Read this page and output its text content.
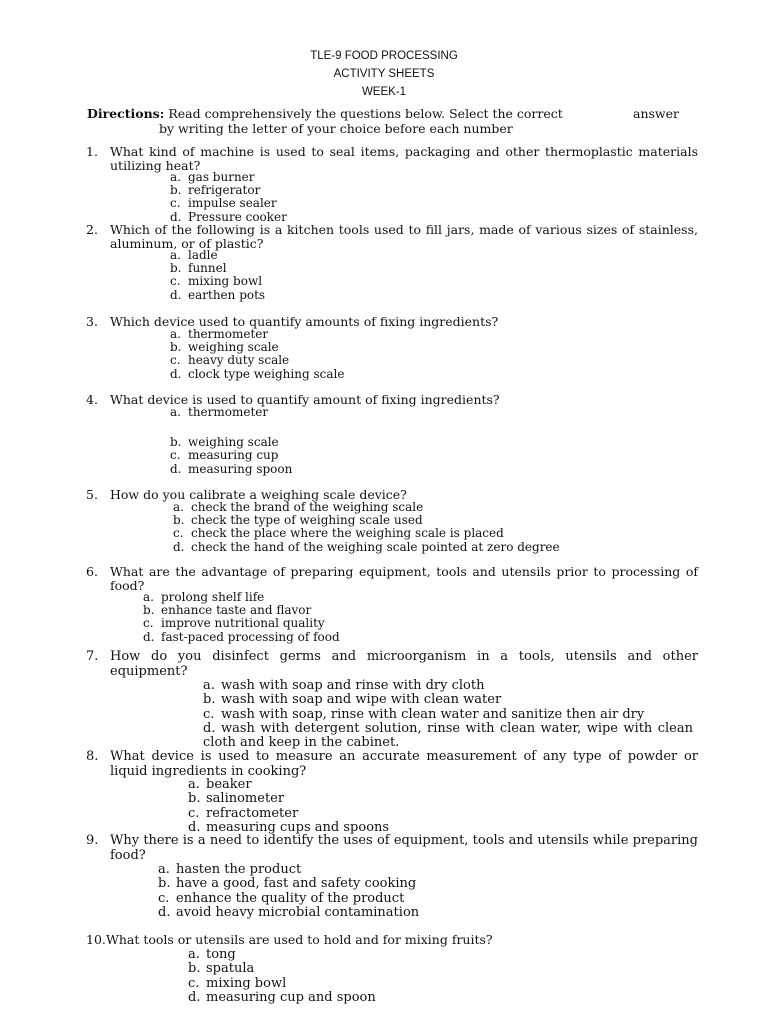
TLE-9 FOOD PROCESSING
ACTIVITY SHEETS
WEEK-1
Directions: Read comprehensively the questions below. Select the correct	answer
by writing the letter of your choice before each number
1. What kind of machine is used to seal items, packaging and other thermoplastic materials utilizing heat?
a. gas burner
b. refrigerator
c. impulse sealer
d. Pressure cooker
2. Which of the following is a kitchen tools used to fill jars, made of various sizes of stainless, aluminum, or of plastic?
a. ladle
b. funnel
c. mixing bowl
d. earthen pots
3. Which device used to quantify amounts of fixing ingredients?
a. thermometer
b. weighing scale
c. heavy duty scale
d. clock type weighing scale
4. What device is used to quantify amount of fixing ingredients?
a. thermometer
b. weighing scale
c. measuring cup
d. measuring spoon
5. How do you calibrate a weighing scale device?
a. check the brand of the weighing scale
b. check the type of weighing scale used
c. check the place where the weighing scale is placed
d. check the hand of the weighing scale pointed at zero degree
6. What are the advantage of preparing equipment, tools and utensils prior to processing of food?
a. prolong shelf life
b. enhance taste and flavor
c. improve nutritional quality
d. fast-paced processing of food
7. How do you disinfect germs and microorganism in a tools, utensils and other equipment?
a. wash with soap and rinse with dry cloth
b. wash with soap and wipe with clean water
c. wash with soap, rinse with clean water and sanitize then air dry
d. wash with detergent solution, rinse with clean water, wipe with clean cloth and keep in the cabinet.
8. What device is used to measure an accurate measurement of any type of powder or liquid ingredients in cooking?
a. beaker
b. salinometer
c. refractometer
d. measuring cups and spoons
9. Why there is a need to identify the uses of equipment, tools and utensils while preparing food?
a. hasten the product
b. have a good, fast and safety cooking
c. enhance the quality of the product
d. avoid heavy microbial contamination
10. What tools or utensils are used to hold and for mixing fruits?
a. tong
b. spatula
c. mixing bowl
d. measuring cup and spoon
